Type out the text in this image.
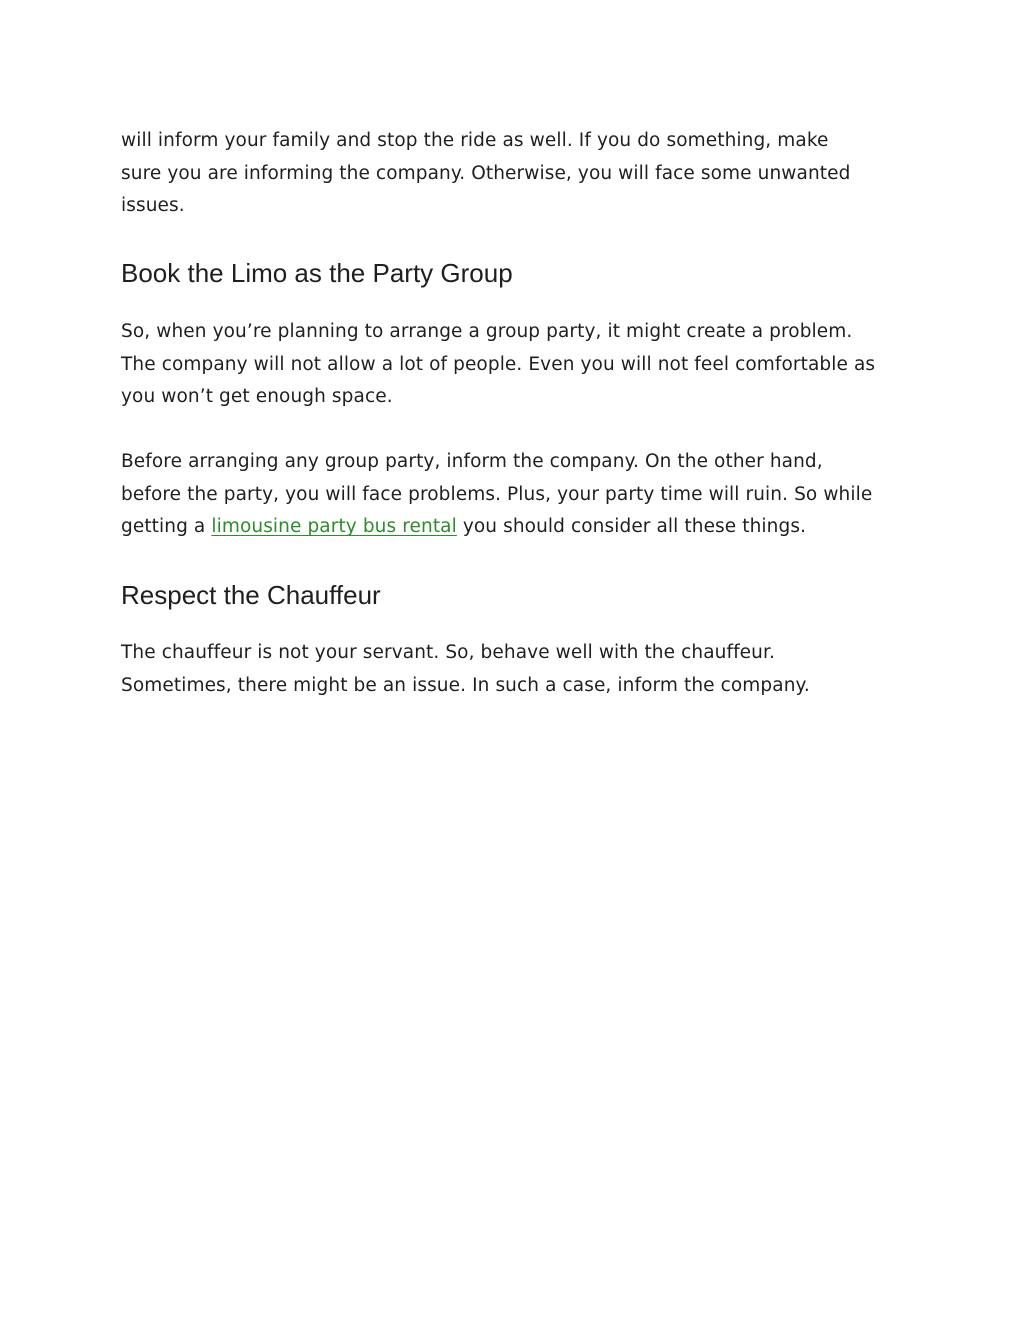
will inform your family and stop the ride as well. If you do something, make
sure you are informing the company. Otherwise, you will face some unwanted
issues.

Book the Limo as the Party Group

So, when you’re planning to arrange a group party, it might create a problem.
The company will not allow a lot of people. Even you will not feel comfortable as
you won’t get enough space.

Before arranging any group party, inform the company. On the other hand,
before the party, you will face problems. Plus, your party time will ruin. So while
getting a limousine party bus rental you should consider all these things.

Respect the Chauffeur

The chauffeur is not your servant. So, behave well with the chauffeur.
Sometimes, there might be an issue. In such a case, inform the company.
